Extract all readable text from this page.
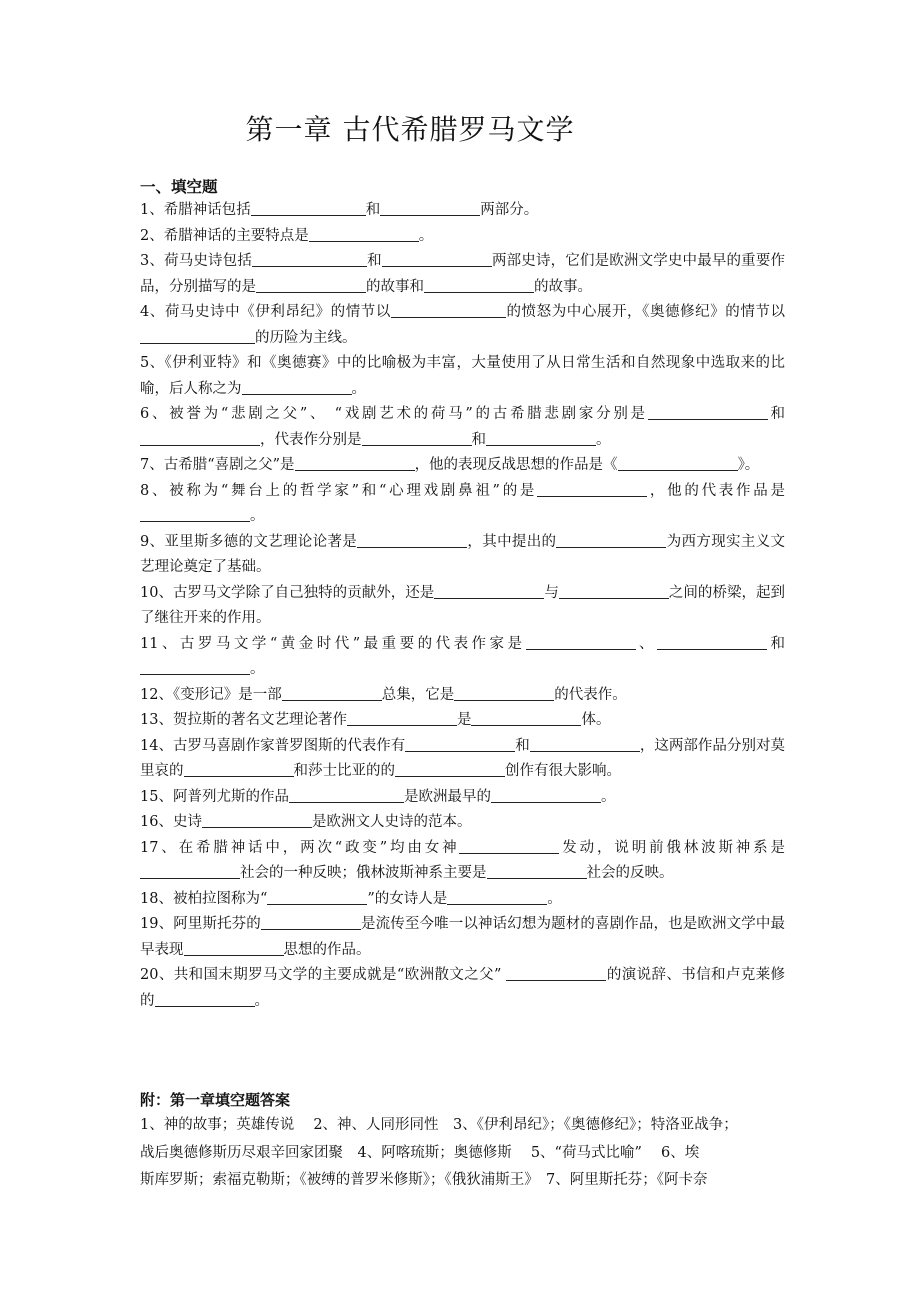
第一章 古代希腊罗马文学

一、填空题

1、希腊神话包括	和	两部分。

2、希腊神话的主要特点是	。

3、荷马史诗包括	和	两部史诗，它们是欧洲文学史中最早的重要作品，分别描写的是	的故事和	的故事。

4、荷马史诗中《伊利昂纪》的情节以	的愤怒为中心展开，《奥德修纪》的情节以的历险为主线。

5、《伊利亚特》和《奥德赛》中的比喻极为丰富，大量使用了从日常生活和自然现象中选取来的比喻，后人称之为	。

6、被誉为“悲剧之父”、 “戏剧艺术的荷马”的古希腊悲剧家分别是	和，代表作分别是	和	。

7、古希腊“喜剧之父”是	，他的表现反战思想的作品是《	》。

8、被称为“舞台上的哲学家”和“心理戏剧鼻祖”的是	，他的代表作品是。

9、亚里斯多德的文艺理论论著是	，其中提出的	为西方现实主义文艺理论奠定了基础。

10、古罗马文学除了自己独特的贡献外，还是	与	之间的桥梁，起到了继往开来的作用。

11、古罗马文学“黄金时代”最重要的代表作家是	、	和。

12、《变形记》是一部	总集，它是	的代表作。

13、贺拉斯的著名文艺理论著作	是	体。

14、古罗马喜剧作家普罗图斯的代表作有	和	，这两部作品分别对莫里哀的	和莎士比亚的的	创作有很大影响。

15、阿普列尤斯的作品	是欧洲最早的	。

16、史诗	是欧洲文人史诗的范本。

17、在希腊神话中，两次“政变”均由女神	发动，说明前俄林波斯神系是社会的一种反映；俄林波斯神系主要是	社会的反映。

18、被柏拉图称为“	”的女诗人是	。

19、阿里斯托芬的	是流传至今唯一以神话幻想为题材的喜剧作品，也是欧洲文学中最早表现	思想的作品。

20、共和国末期罗马文学的主要成就是“欧洲散文之父”	的演说辞、书信和卢克莱修的	。

附：第一章填空题答案

1、神的故事；英雄传说　 2、神、人同形同性　3、《伊利昂纪》；《奥德修纪》；特洛亚战争；

战后奥德修斯历尽艰辛回家团聚　4、阿喀琉斯；奥德修斯　 5、“荷马式比喻”　 6、埃

斯库罗斯；索福克勒斯；《被缚的普罗米修斯》；《俄狄浦斯王》　7、阿里斯托芬；《阿卡奈
